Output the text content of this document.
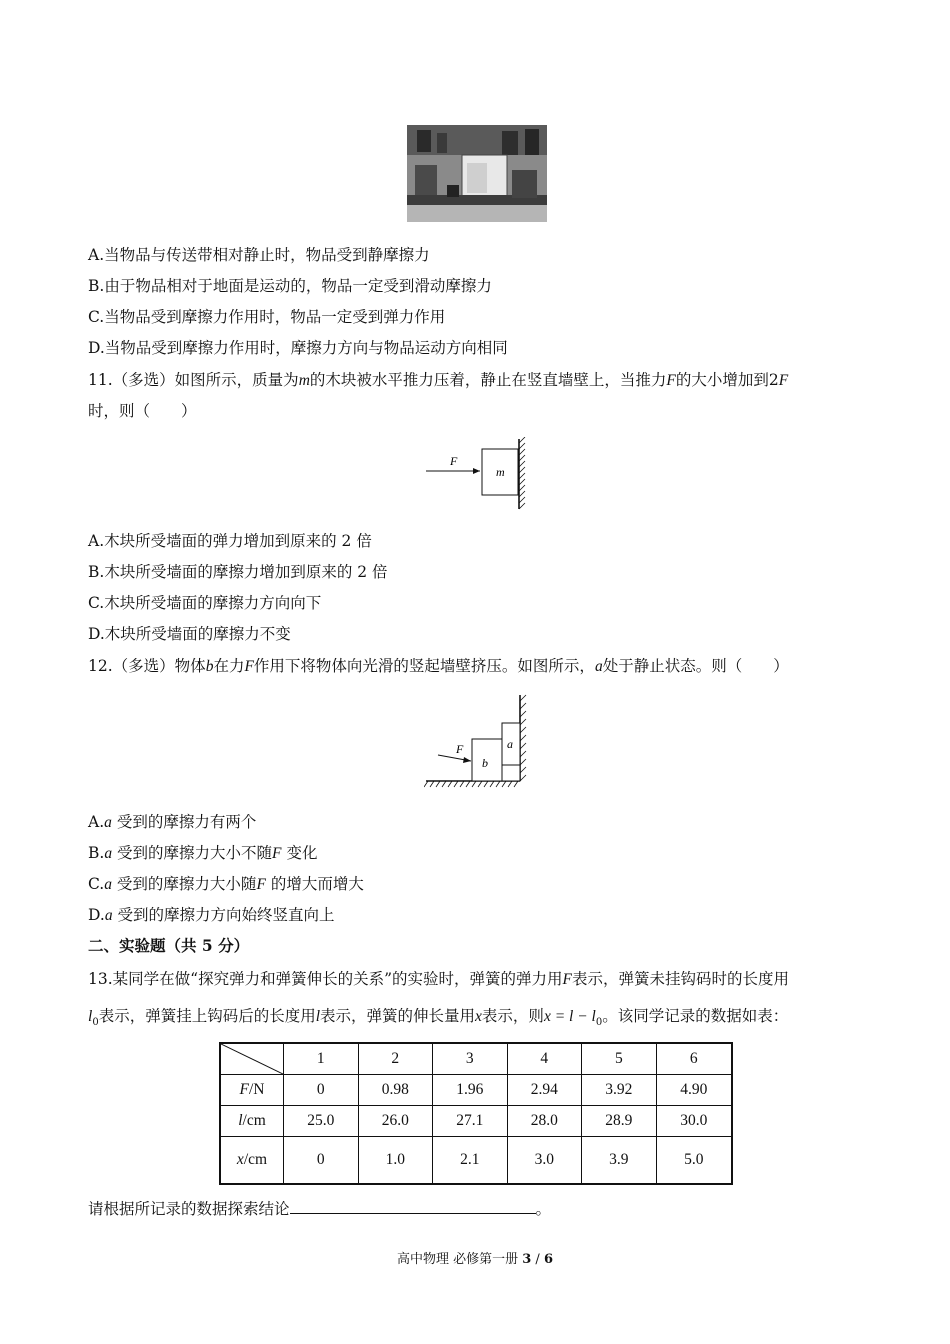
A.当物品与传送带相对静止时，物品受到静摩擦力
B.由于物品相对于地面是运动的，物品一定受到滑动摩擦力
C.当物品受到摩擦力作用时，物品一定受到弹力作用
D.当物品受到摩擦力作用时，摩擦力方向与物品运动方向相同
11.（多选）如图所示，质量为m的木块被水平推力压着，静止在竖直墙壁上，当推力F的大小增加到2F
时，则（　　）
F
m
A.木块所受墙面的弹力增加到原来的 2 倍
B.木块所受墙面的摩擦力增加到原来的 2 倍
C.木块所受墙面的摩擦力方向向下
D.木块所受墙面的摩擦力不变
12.（多选）物体b在力F作用下将物体向光滑的竖起墙壁挤压。如图所示，a处于静止状态。则（　　）
F
b
a
A.a 受到的摩擦力有两个
B.a 受到的摩擦力大小不随F 变化
C.a 受到的摩擦力大小随F 的增大而增大
D.a 受到的摩擦力方向始终竖直向上
二、实验题（共 5 分）
13.某同学在做“探究弹力和弹簧伸长的关系”的实验时，弹簧的弹力用F表示，弹簧未挂钩码时的长度用
$l_0$表示，弹簧挂上钩码后的长度用l表示，弹簧的伸长量用x表示，则$x = l - l_0$。该同学记录的数据如表：
	1	2	3	4	5	6
F/N	0	0.98	1.96	2.94	3.92	4.90
l/cm	25.0	26.0	27.1	28.0	28.9	30.0
x/cm	0	1.0	2.1	3.0	3.9	5.0
请根据所记录的数据探索结论	。
高中物理 必修第一册 3 / 6
